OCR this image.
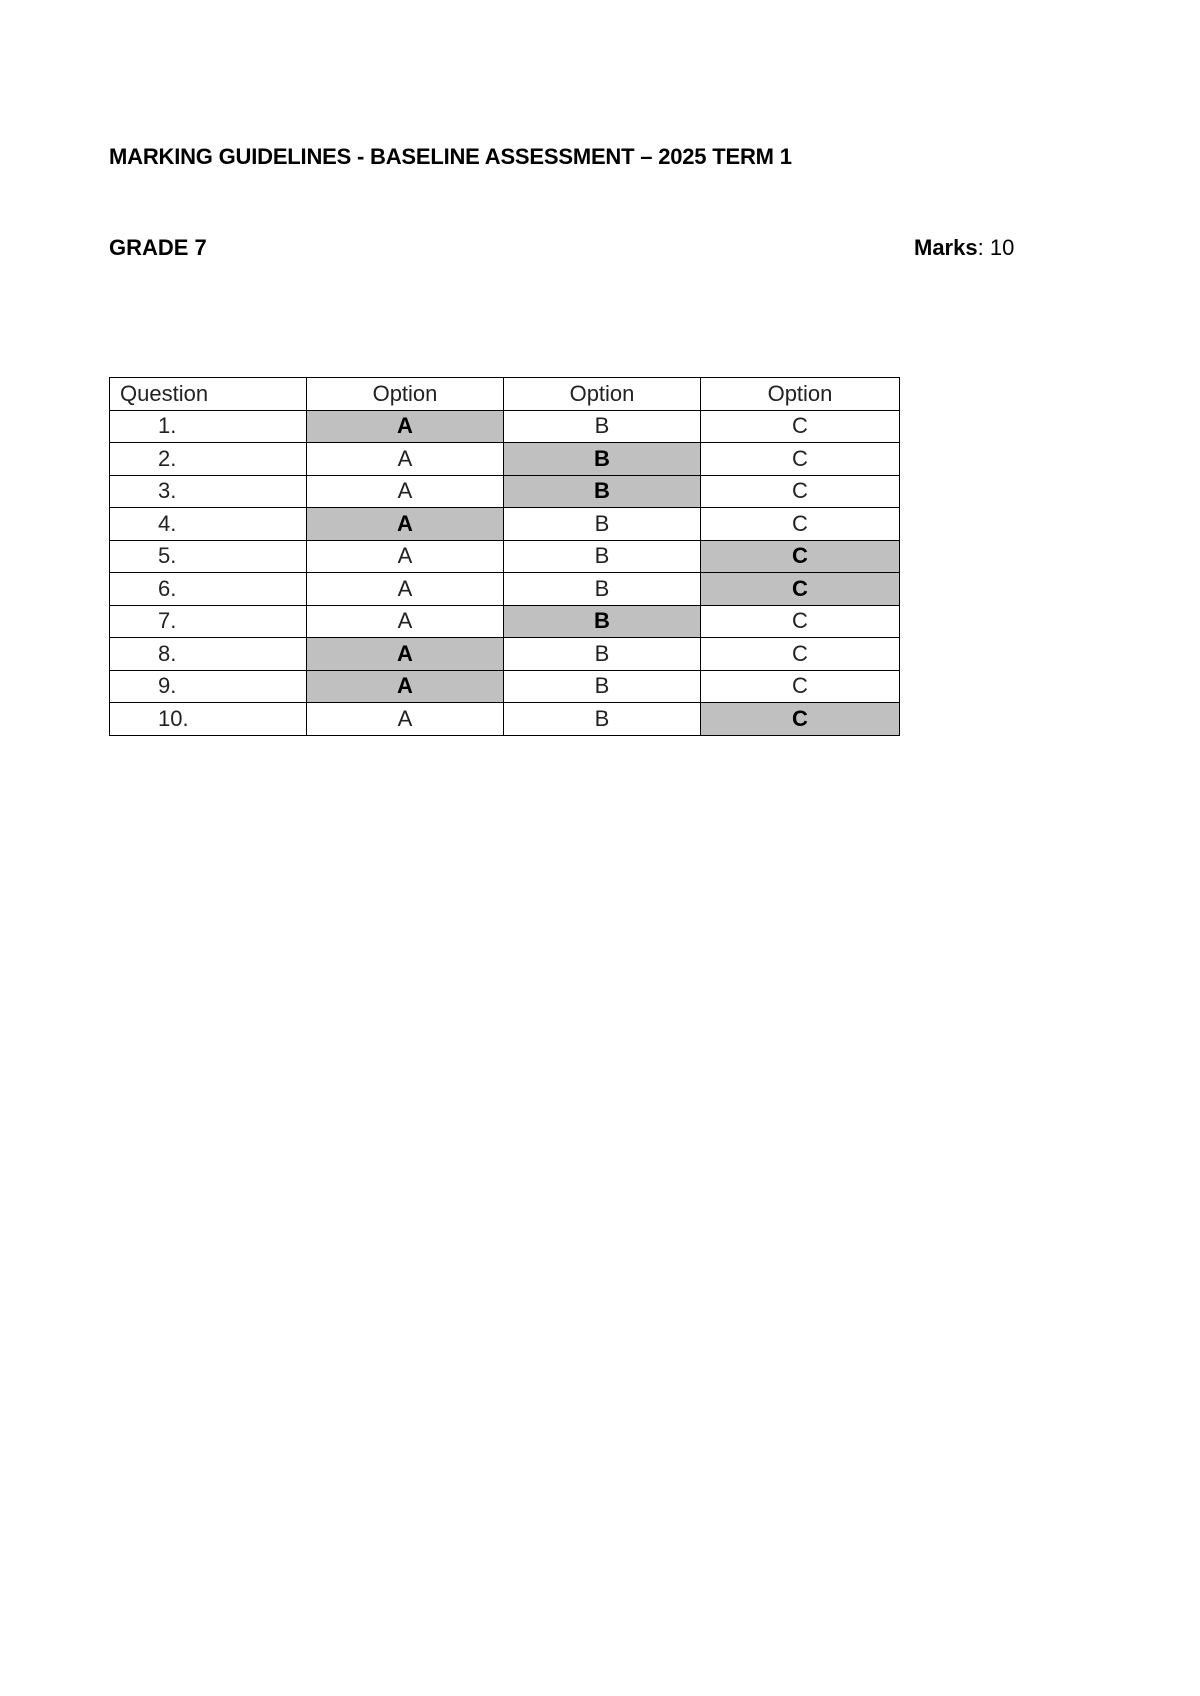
MARKING GUIDELINES - BASELINE ASSESSMENT – 2025 TERM 1
GRADE 7	Marks: 10
Question	Option	Option	Option
1.	A	B	C
2.	A	B	C
3.	A	B	C
4.	A	B	C
5.	A	B	C
6.	A	B	C
7.	A	B	C
8.	A	B	C
9.	A	B	C
10.	A	B	C
